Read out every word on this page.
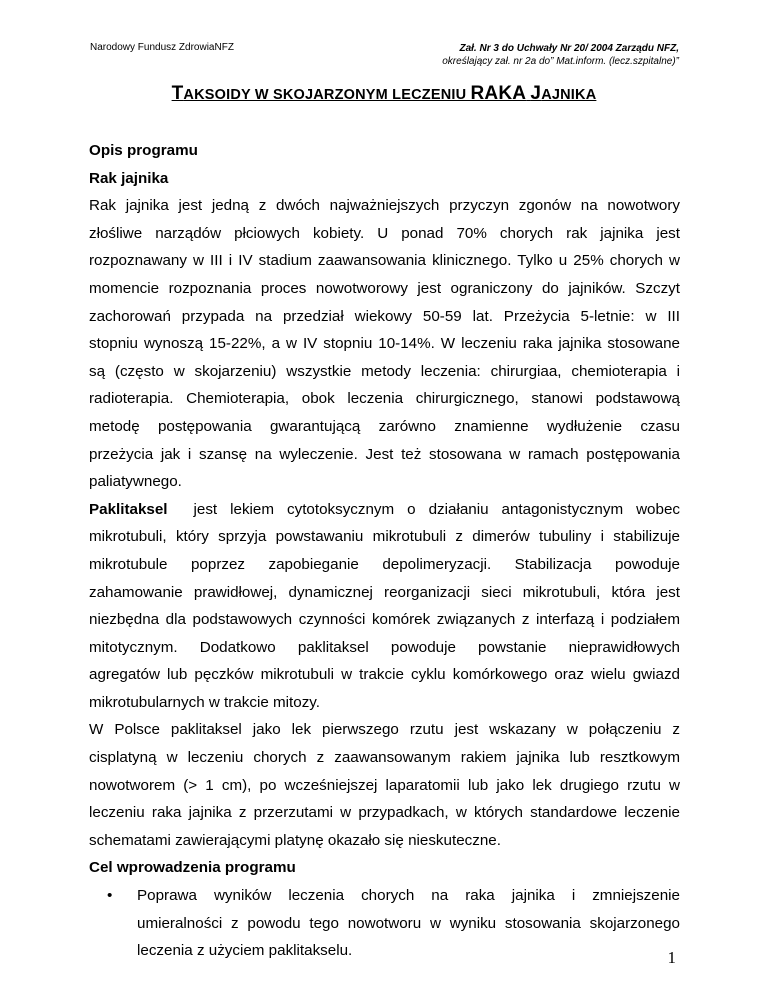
Narodowy Fundusz ZdrowiaNFZ	Zał. Nr 3 do Uchwały Nr 20/ 2004 Zarządu NFZ,
określający zał. nr 2a do” Mat.inform. (lecz.szpitalne)”
TAKSOIDY W SKOJARZONYM LECZENIU RAKA JAJNIKA

Opis programu

Rak jajnika

Rak jajnika jest jedną z dwóch najważniejszych przyczyn zgonów na nowotwory

złośliwe narządów płciowych kobiety. U ponad 70% chorych rak jajnika jest

rozpoznawany w III i IV stadium zaawansowania klinicznego. Tylko u 25% chorych w

momencie rozpoznania proces nowotworowy jest ograniczony do jajników. Szczyt

zachorowań przypada na przedział wiekowy 50-59 lat. Przeżycia 5-letnie: w III

stopniu wynoszą 15-22%, a w IV stopniu 10-14%. W leczeniu raka jajnika stosowane

są (często w skojarzeniu) wszystkie metody leczenia: chirurgiaa, chemioterapia i

radioterapia. Chemioterapia, obok leczenia chirurgicznego, stanowi podstawową

metodę postępowania gwarantującą zarówno znamienne wydłużenie czasu

przeżycia jak i szansę na wyleczenie. Jest też stosowana w ramach postępowania

paliatywnego.

Paklitaksel  jest lekiem cytotoksycznym o działaniu antagonistycznym wobec

mikrotubuli, który sprzyja powstawaniu mikrotubuli z dimerów tubuliny i stabilizuje

mikrotubule poprzez zapobieganie depolimeryzacji. Stabilizacja powoduje

zahamowanie prawidłowej, dynamicznej reorganizacji sieci mikrotubuli, która jest

niezbędna dla podstawowych czynności komórek związanych z interfazą i podziałem

mitotycznym. Dodatkowo paklitaksel powoduje powstanie nieprawidłowych

agregatów lub pęczków mikrotubuli w trakcie cyklu komórkowego oraz wielu gwiazd

mikrotubularnych w trakcie mitozy.

W Polsce paklitaksel jako lek pierwszego rzutu jest wskazany w połączeniu z

cisplatyną w leczeniu chorych z zaawansowanym rakiem jajnika lub resztkowym

nowotworem (> 1 cm), po wcześniejszej laparatomii lub jako lek drugiego rzutu w

leczeniu raka jajnika z przerzutami w przypadkach, w których standardowe leczenie

schematami zawierającymi platynę okazało się nieskuteczne.

Cel wprowadzenia programu

• Poprawa wyników leczenia chorych na raka jajnika i zmniejszenie

umieralności z powodu tego nowotworu w wyniku stosowania skojarzonego

leczenia z użyciem paklitakselu.	1
